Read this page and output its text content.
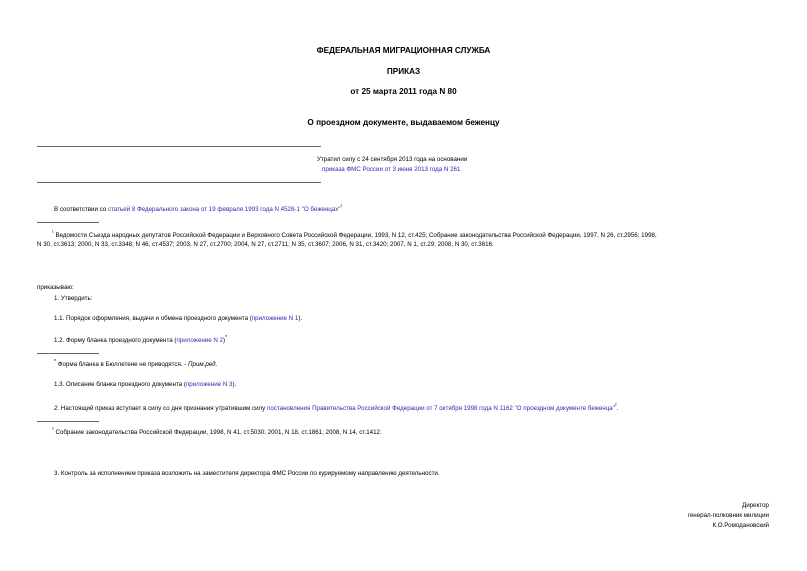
ФЕДЕРАЛЬНАЯ МИГРАЦИОННАЯ СЛУЖБА
ПРИКАЗ
от 25 марта 2011 года N 80
О проездном документе, выдаваемом беженцу
Утратил силу с 24 сентября 2013 года на основании
приказа ФМС России от 3 июня 2013 года N 261
В соответствии со статьей 8 Федерального закона от 19 февраля 1993 года N 4528-1 "О беженцах"$^{^1}$
$^{^1}$ Ведомости Съезда народных депутатов Российской Федерации и Верховного Совета Российской Федерации, 1993, N 12, ст.425; Собрание законодательства Российской Федерации, 1997, N 26, ст.2956; 1998,
N 30, ст.3613; 2000, N 33, ст.3348; N 46, ст.4537; 2003, N 27, ст.2700; 2004, N 27, ст.2711; N 35, ст.3607; 2006, N 31, ст.3420; 2007, N 1, ст.29; 2008, N 30, ст.3616.
приказываю:
1. Утвердить:
1.1. Порядок оформления, выдачи и обмена проездного документа (приложение N 1).
1.2. Форму бланка проездного документа (приложение N 2)*
* Форма бланка в Бюллетене не приводятся. - Прим.ред.
1.3. Описание бланка проездного документа (приложение N 3).
2. Настоящий приказ вступает в силу со дня признания утратившим силу постановления Правительства Российской Федерации от 7 октября 1998 года N 1162 "О проездном документе беженца"$^{^2}$.
$^{^2}$ Собрание законодательства Российской Федерации, 1998, N 41, ст.5030; 2001, N 18, ст.1861; 2008, N 14, ст.1412.
3. Контроль за исполнением приказа возложить на заместителя директора ФМС России по курируемому направлению деятельности.
Директор
генерал-полковник милиции
К.О.Ромодановский
